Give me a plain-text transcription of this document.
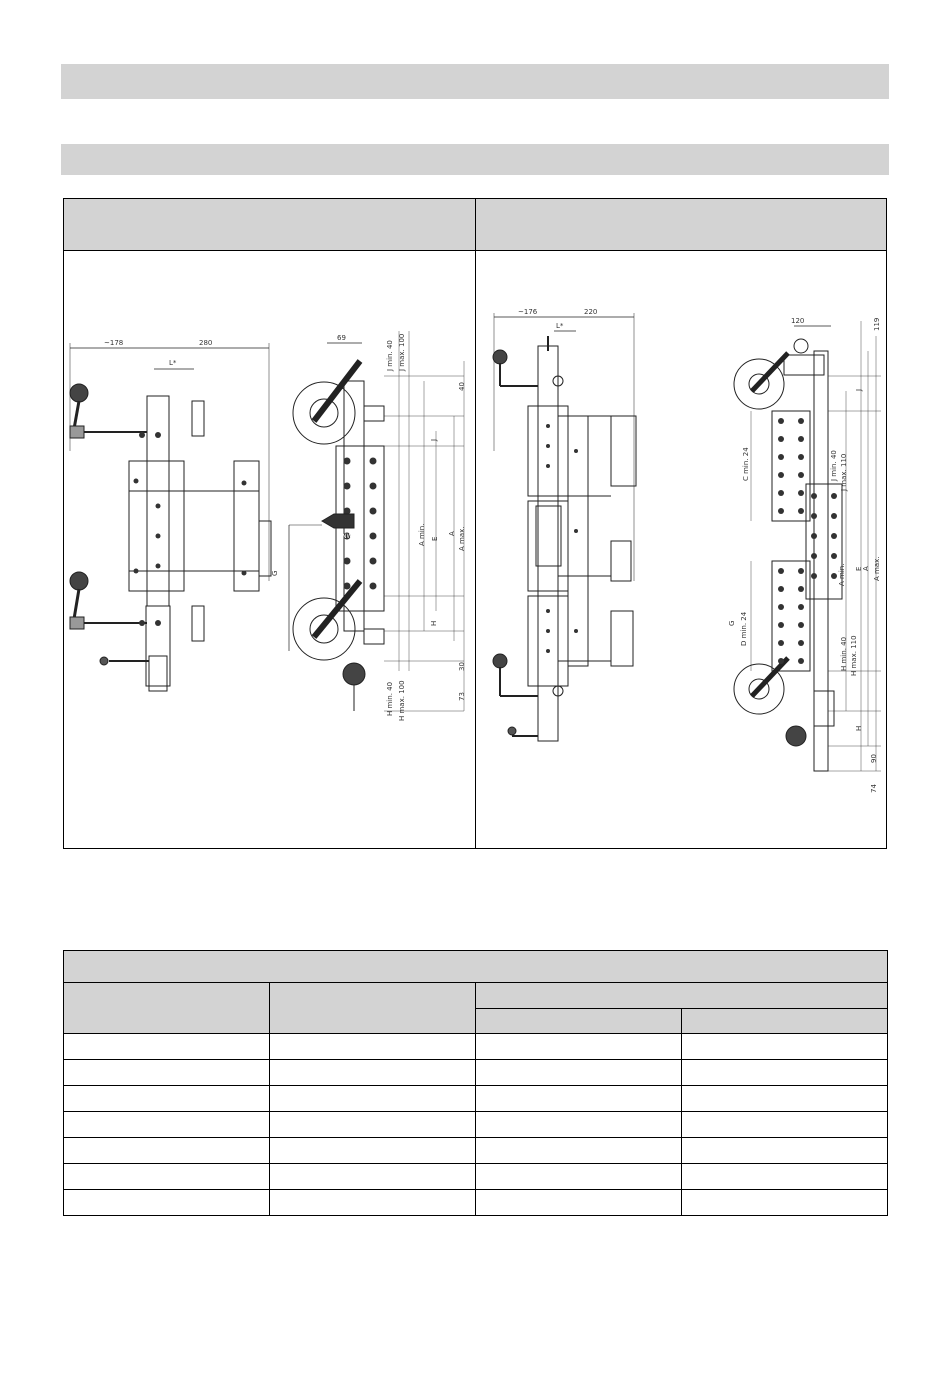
~178
L*
280
69
NWL
G
J min. 40 J max. 100
40
J
E
A min.	A A max.
H
H min. 40 H max. 100
30
73
~176
L*
220
120	119
J min. 40 J max. 110
J
C min. 24
A min. E A A max.
G D min. 24
H min. 40 H max. 110
H
90
74
